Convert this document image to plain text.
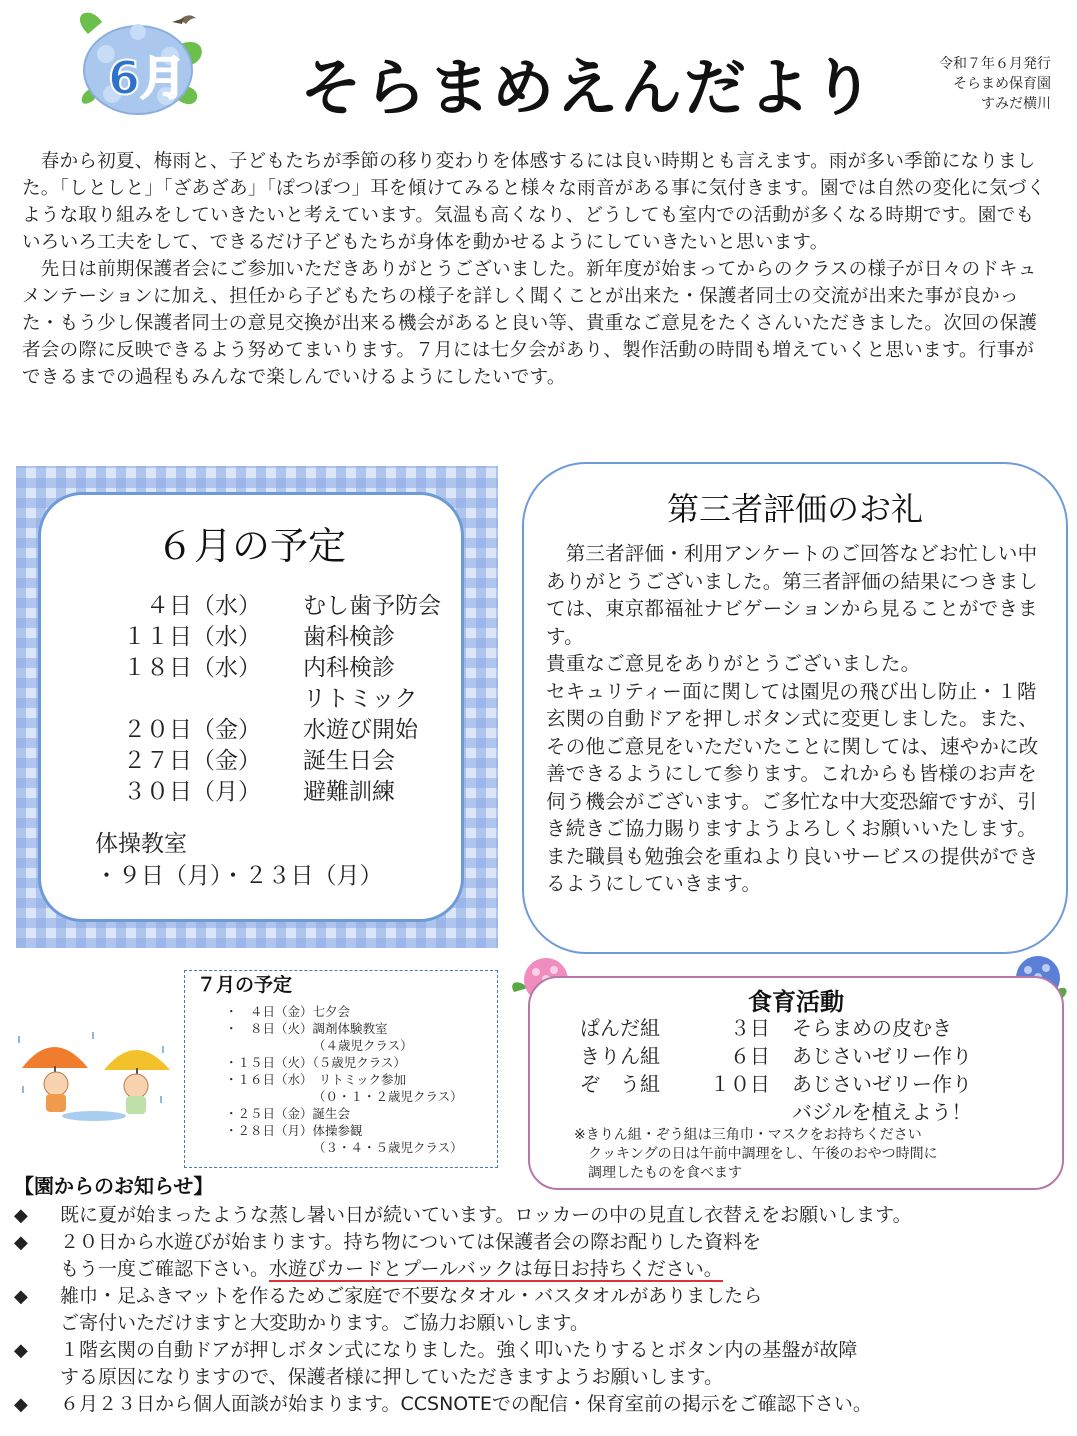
6月 そらまめえんだより	令和７年６月発行
そらまめ保育園
すみだ横川

　春から初夏、梅雨と、子どもたちが季節の移り変わりを体感するには良い時期とも言えます。雨が多い季節になりました。「しとしと」「ざあざあ」「ぽつぽつ」耳を傾けてみると様々な雨音がある事に気付きます。園では自然の変化に気づくような取り組みをしていきたいと考えています。気温も高くなり、どうしても室内での活動が多くなる時期です。園でもいろいろ工夫をして、できるだけ子どもたちが身体を動かせるようにしていきたいと思います。

　先日は前期保護者会にご参加いただきありがとうございました。新年度が始まってからのクラスの様子が日々のドキュメンテーションに加え、担任から子どもたちの様子を詳しく聞くことが出来た・保護者同士の交流が出来た事が良かった・もう少し保護者同士の意見交換が出来る機会があると良い等、貴重なご意見をたくさんいただきました。次回の保護者会の際に反映できるよう努めてまいります。７月には七夕会があり、製作活動の時間も増えていくと思います。行事ができるまでの過程もみんなで楽しんでいけるようにしたいです。

６月の予定
４日（水） むし歯予防会
１１日（水） 歯科検診
１８日（水） 内科検診
リトミック
２０日（金） 水遊び開始
２７日（金） 誕生日会
３０日（月） 避難訓練
体操教室
・９日（月）・２３日（月）
第三者評価のお礼

　第三者評価・利用アンケートのご回答などお忙しい中ありがとうございました。第三者評価の結果につきましては、東京都福祉ナビゲーションから見ることができます。

貴重なご意見をありがとうございました。

セキュリティー面に関しては園児の飛び出し防止・１階玄関の自動ドアを押しボタン式に変更しました。また、その他ご意見をいただいたことに関しては、速やかに改善できるようにして参ります。これからも皆様のお声を伺う機会がございます。ご多忙な中大変恐縮ですが、引き続きご協力賜りますようよろしくお願いいたします。また職員も勉強会を重ねより良いサービスの提供ができるようにしていきます。

７月の予定
・　４日（金）七夕会
・　８日（火）調剤体験教室
（４歳児クラス）
・１５日（火）（５歳児クラス）
・１６日（水）　リトミック参加
（０・１・２歳児クラス）
・２５日（金）誕生会
・２８日（月）体操参観
（３・４・５歳児クラス）
食育活動
ぱんだ組	３日 そらまめの皮むき
きりん組	６日 あじさいゼリー作り
ぞ　う組	１０日 あじさいゼリー作り
バジルを植えよう！
※きりん組・ぞう組は三角巾・マスクをお持ちください
　クッキングの日は午前中調理をし、午後のおやつ時間に
　調理したものを食べます
【園からのお知らせ】
◆	既に夏が始まったような蒸し暑い日が続いています。ロッカーの中の見直し衣替えをお願いします。
◆	２０日から水遊びが始まります。持ち物については保護者会の際お配りした資料を
もう一度ご確認下さい。水遊びカードとプールバックは毎日お持ちください。
◆	雑巾・足ふきマットを作るためご家庭で不要なタオル・バスタオルがありましたら
ご寄付いただけますと大変助かります。ご協力お願いします。
◆	１階玄関の自動ドアが押しボタン式になりました。強く叩いたりするとボタン内の基盤が故障
する原因になりますので、保護者様に押していただきますようお願いします。
◆	６月２３日から個人面談が始まります。CCSNOTEでの配信・保育室前の掲示をご確認下さい。
